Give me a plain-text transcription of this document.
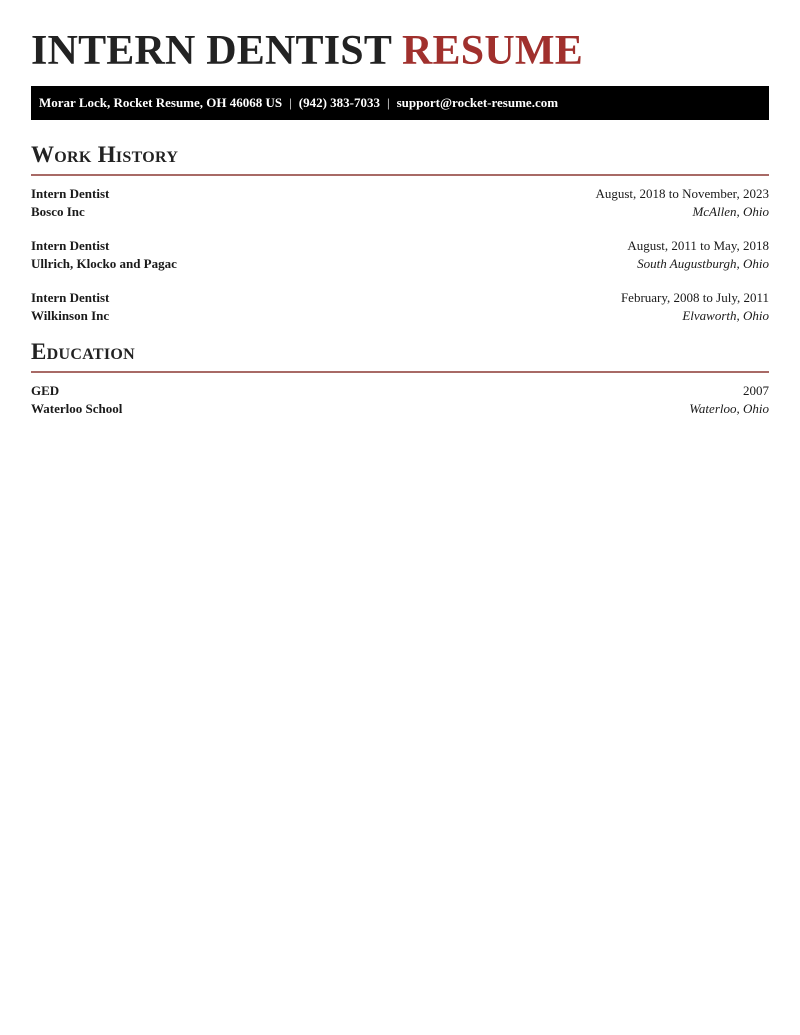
INTERN DENTIST RESUME
Morar Lock, Rocket Resume, OH 46068 US | (942) 383-7033 | support@rocket-resume.com
Work History
Intern Dentist	August, 2018 to November, 2023
Bosco Inc	McAllen, Ohio
Intern Dentist	August, 2011 to May, 2018
Ullrich, Klocko and Pagac	South Augustburgh, Ohio
Intern Dentist	February, 2008 to July, 2011
Wilkinson Inc	Elvaworth, Ohio
Education
GED	2007
Waterloo School	Waterloo, Ohio
